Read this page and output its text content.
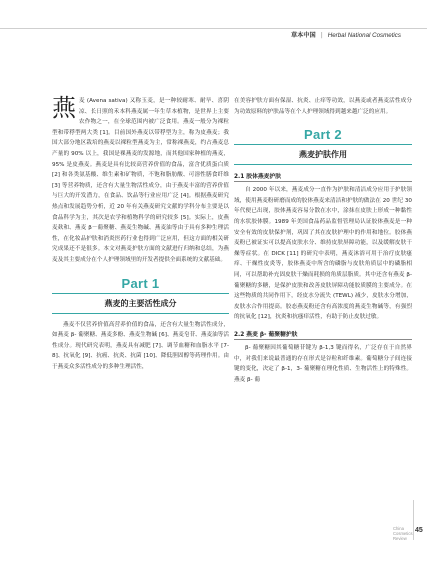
草本中国 | Herbal National Cosmetics

燕麦 (Avena sativa) 又称玉麦，是一种较耐寒、耐旱、喜阴凉、长日照的禾本科燕麦属一年生草本植物，是世界上主要农作物之一，在全球范围内被广泛食用。燕麦一般分为裸粒型和带稃型两大类 [1]。目前国外燕麦以带稃型为主，称为皮燕麦；我国大部分地区栽培的燕麦以裸粒型燕麦为主，常称裸燕麦，约占燕麦总产量的 90% 以上，我国是裸燕麦的发源地，而其他国家种植的燕麦，95% 是皮燕麦。燕麦是具有比较高营养价值的食品，富含优质蛋白质 [2] 和各类氨基酸、维生素和矿物质，不饱和脂肪酸、可溶性膳食纤维 [3] 等营养物质，还含有大量生物活性成分，由于燕麦丰富的营养价值与巨大的开发潜力，在食品、饮品等行业应用广泛 [4]。根据燕麦研究热点和发展趋势分析，近 20 年有关燕麦研究文献的学科分布主要是以食品科学为主，其次是农学和植物科学的研究较多 [5]。实际上，皮燕麦麸和、燕麦 β－葡聚糖、燕麦生物碱、燕麦油等由于具有多种生理活性，在化妆品护肤和消炎医药行业也得到广泛应用，但这方面的相关研究成果还不是很多。本文对燕麦护肤方面的文献进行归纳和总结，为燕麦及其主要成分在个人护理领域里的开发者提供全面系统的文献基础。

Part 1
燕麦的主要活性成分

燕麦不仅营养价值高营养价值的食品，还含有大量生物活性成分，如燕麦 β- 葡聚糖、燕麦多酚、燕麦生物碱 [6]、燕麦皂苷、燕麦油等活性成分。现代研究表明，燕麦具有减肥 [7]、调节血糖和血脂水平 [7-8]、抗氧化 [9]、抗癌、抗炎、抗菌 [10]、降低胆固醇等药理作用。由于燕麦众多活性成分的多种生理活性，

在美容护肤方面有保湿、抗炎、止痒等功效，以燕麦或者燕麦活性成分为功效原料的护肤品等在个人护理领域得到越来越广泛的应用。

Part 2
燕麦护肤作用
2.1 胶体燕麦护肤

自 2000 年以来，燕麦成分一直作为护肤和清洁成分应用于护肤领域，使用燕麦粉研磨而成的胶体燕麦来清洁和护肤的做法在 20 世纪 30 年代便已出现，胶体燕麦容易分散在水中，涂抹在皮肤上形成一种黏性的水状胶体膜。1989 年美国食品药品监督管理局认证胶体燕麦是一种安全有效的皮肤保护剂，巩固了其在皮肤护理中的作用和地位。胶体燕麦粉已被证实可以提高皮肤水分、维持皮肤屏障功能，以及缓解皮肤干燥等症状。在 DICK [11] 的研究中表明，燕麦沐浴可用于治疗皮肤瘙痒、干燥性皮炎等，胶体燕麦中所含的磷脂与皮肤角质层中的磷脂相同，可以帮助补充固皮肤干燥而耗损的角质层脂质。其中还含有燕麦 β- 葡聚糖的多糖，是保护皮肤和改善皮肤屏障功能胶质膜的主要成分。在这些物质的共同作用下，经皮水分流失 (TEWL) 减少，皮肤水分增加，皮肤水合作用提高。胶态燕麦粉还含有高浓度的燕麦生物碱等，有强烈的抗氧化 [12]，抗炎和抗瘙痒活性，有助于防止皮肤过敏。

2.2 燕麦 β- 葡聚糖护肤

β- 葡聚糖因其葡萄糖苷键为 β-1,3 键而得名，广泛存在于自然界中，对我们来说最普通的存在形式是谷粒和纤维素。葡萄糖分子间连接键的变化，决定了 β-1，3- 葡聚糖在理化性质、生物活性上的特殊性。燕麦 β- 葡

China
Cosmetics
Review
45
